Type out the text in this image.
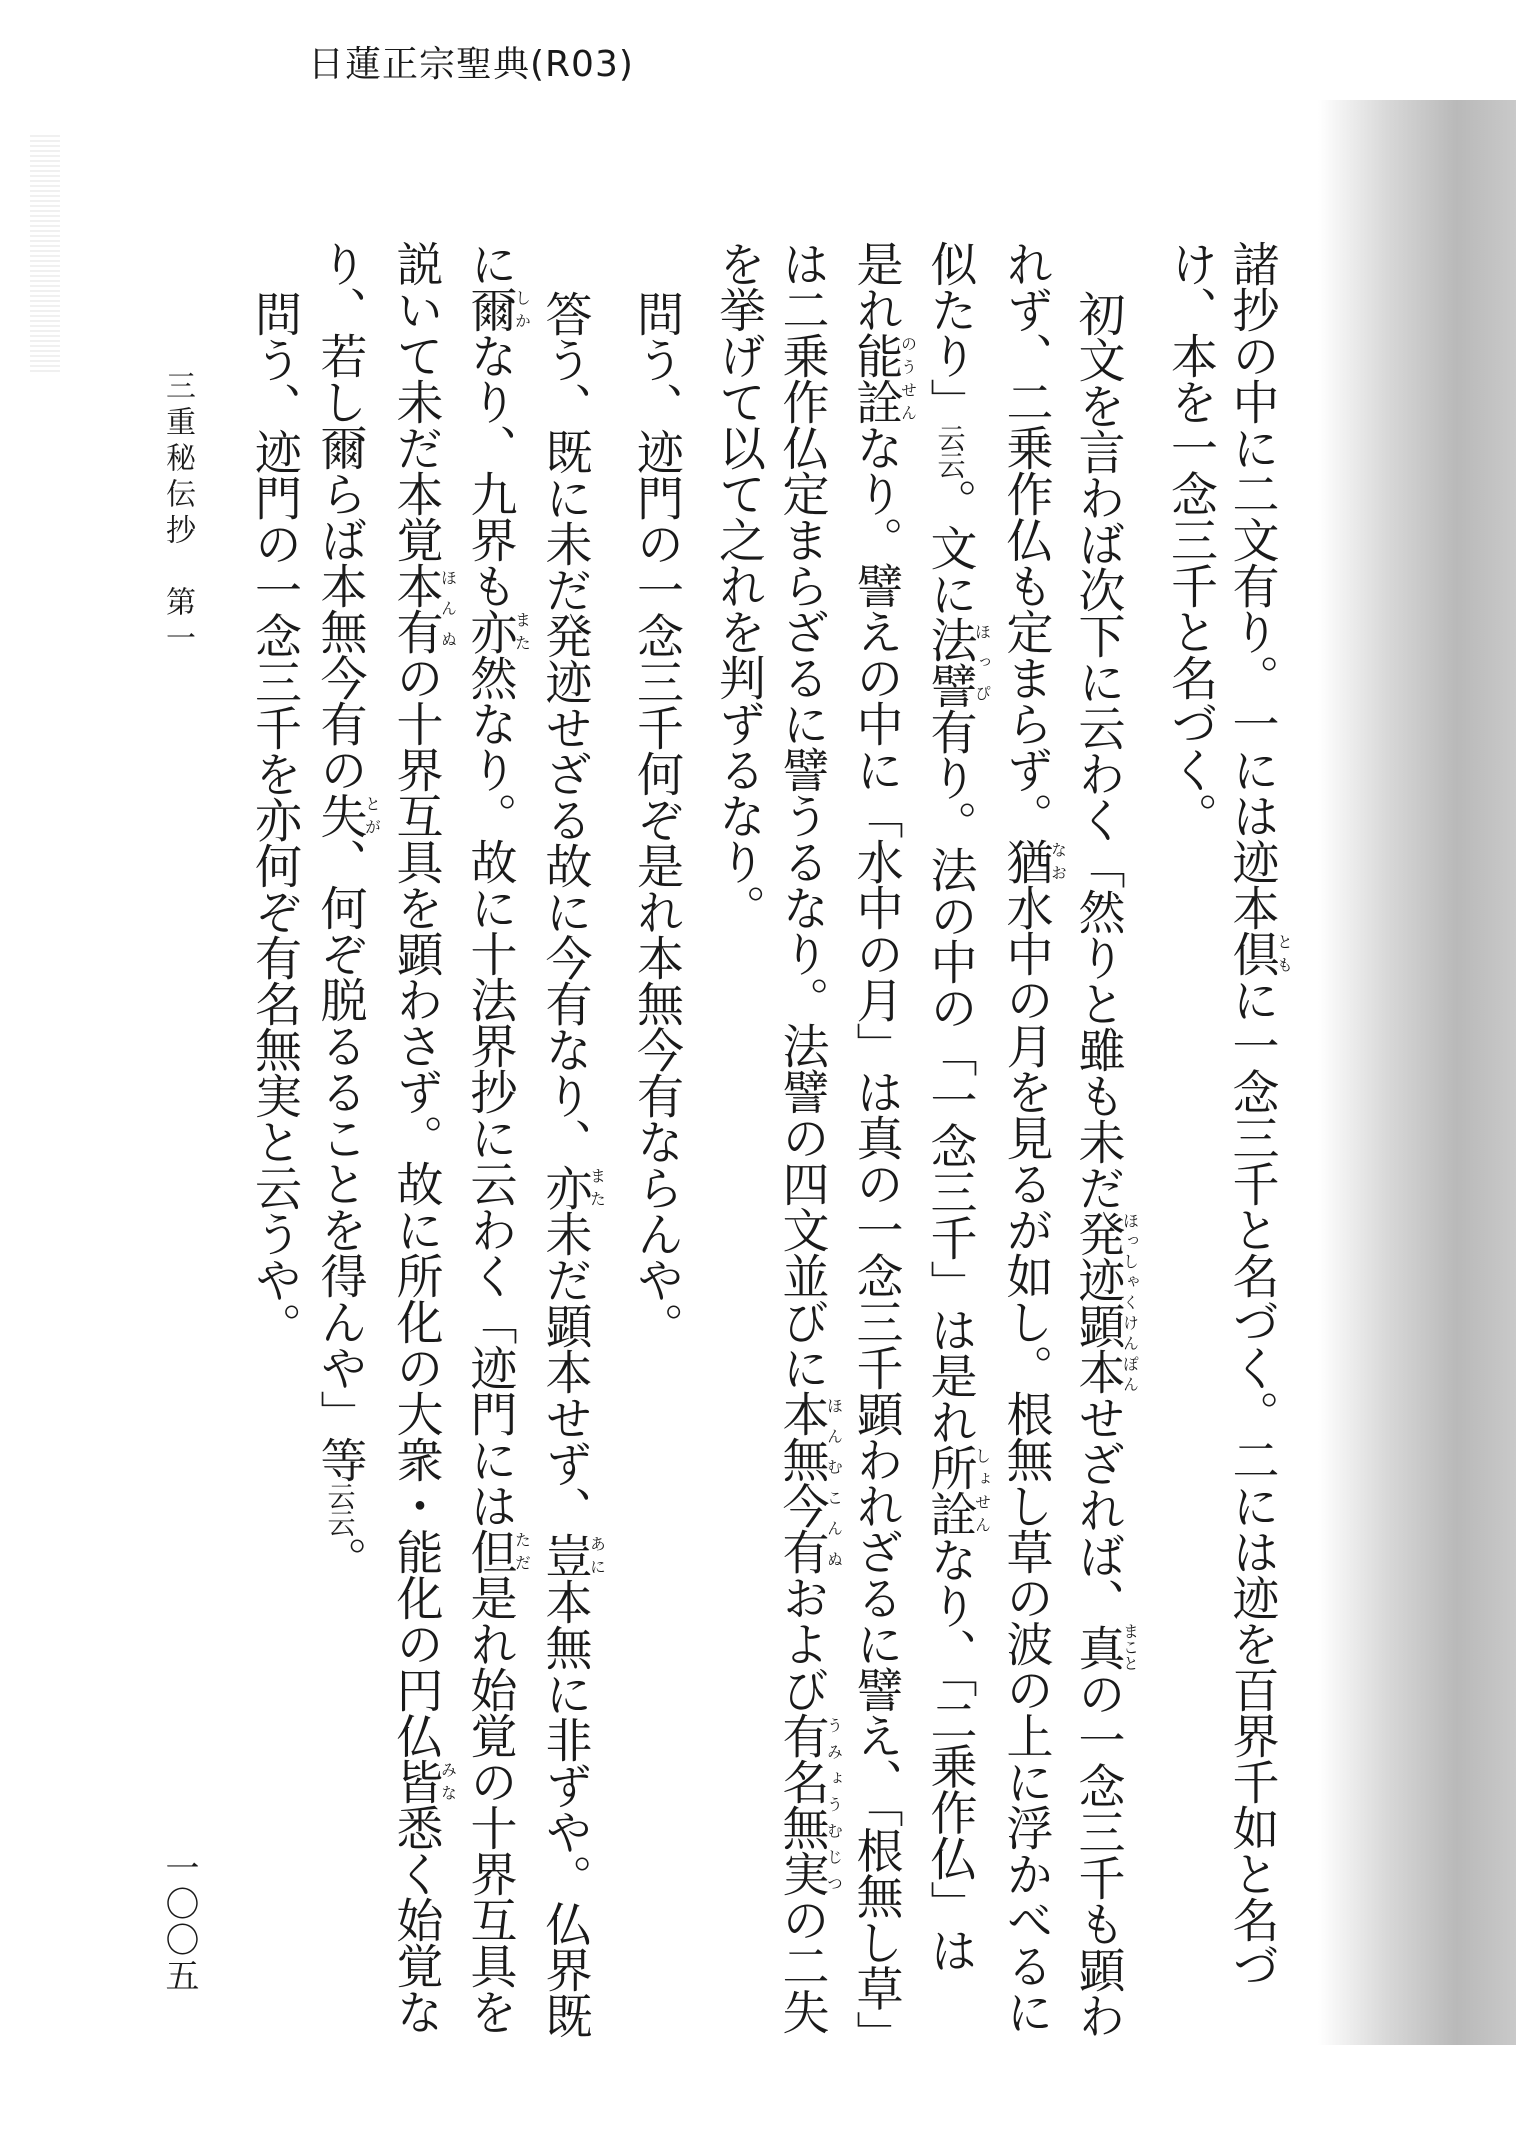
日蓮正宗聖典(R03)
諸抄の中に二文有り。一には迹本倶ともに一念三千と名づく。二には迹を百界千如と名づ
け、本を一念三千と名づく。
初文を言わば次下に云わく「然りと雖も未だ発迹顕本ほっしゃくけんぽんせざれば、真まことの一念三千も顕わ
れず、二乗作仏も定まらず。猶なお水中の月を見るが如し。根無し草の波の上に浮かべるに
似たり」云云。文に法譬ほっぴ有り。法の中の「一念三千」は是れ所詮しょせんなり、「二乗作仏」は
是れ能詮のうせんなり。譬えの中に「水中の月」は真の一念三千顕われざるに譬え、「根無し草」
は二乗作仏定まらざるに譬うるなり。法譬の四文並びに本無今有ほんむこんぬおよび有名無実うみょうむじつの二失
を挙げて以て之れを判ずるなり。
問う、迹門の一念三千何ぞ是れ本無今有ならんや。
答う、既に未だ発迹せざる故に今有なり、亦また未だ顕本せず、豈あに本無に非ずや。仏界既
に爾しかなり、九界も亦また然なり。故に十法界抄に云わく「迹門には但ただ是れ始覚の十界互具を
説いて未だ本覚本有ほんぬの十界互具を顕わさず。故に所化の大衆・能化の円仏皆みな悉く始覚な
り、若し爾らば本無今有の失とが、何ぞ脱るることを得んや」等云云。
問う、迹門の一念三千を亦何ぞ有名無実と云うや。
三重秘伝抄　第一
一〇〇五
